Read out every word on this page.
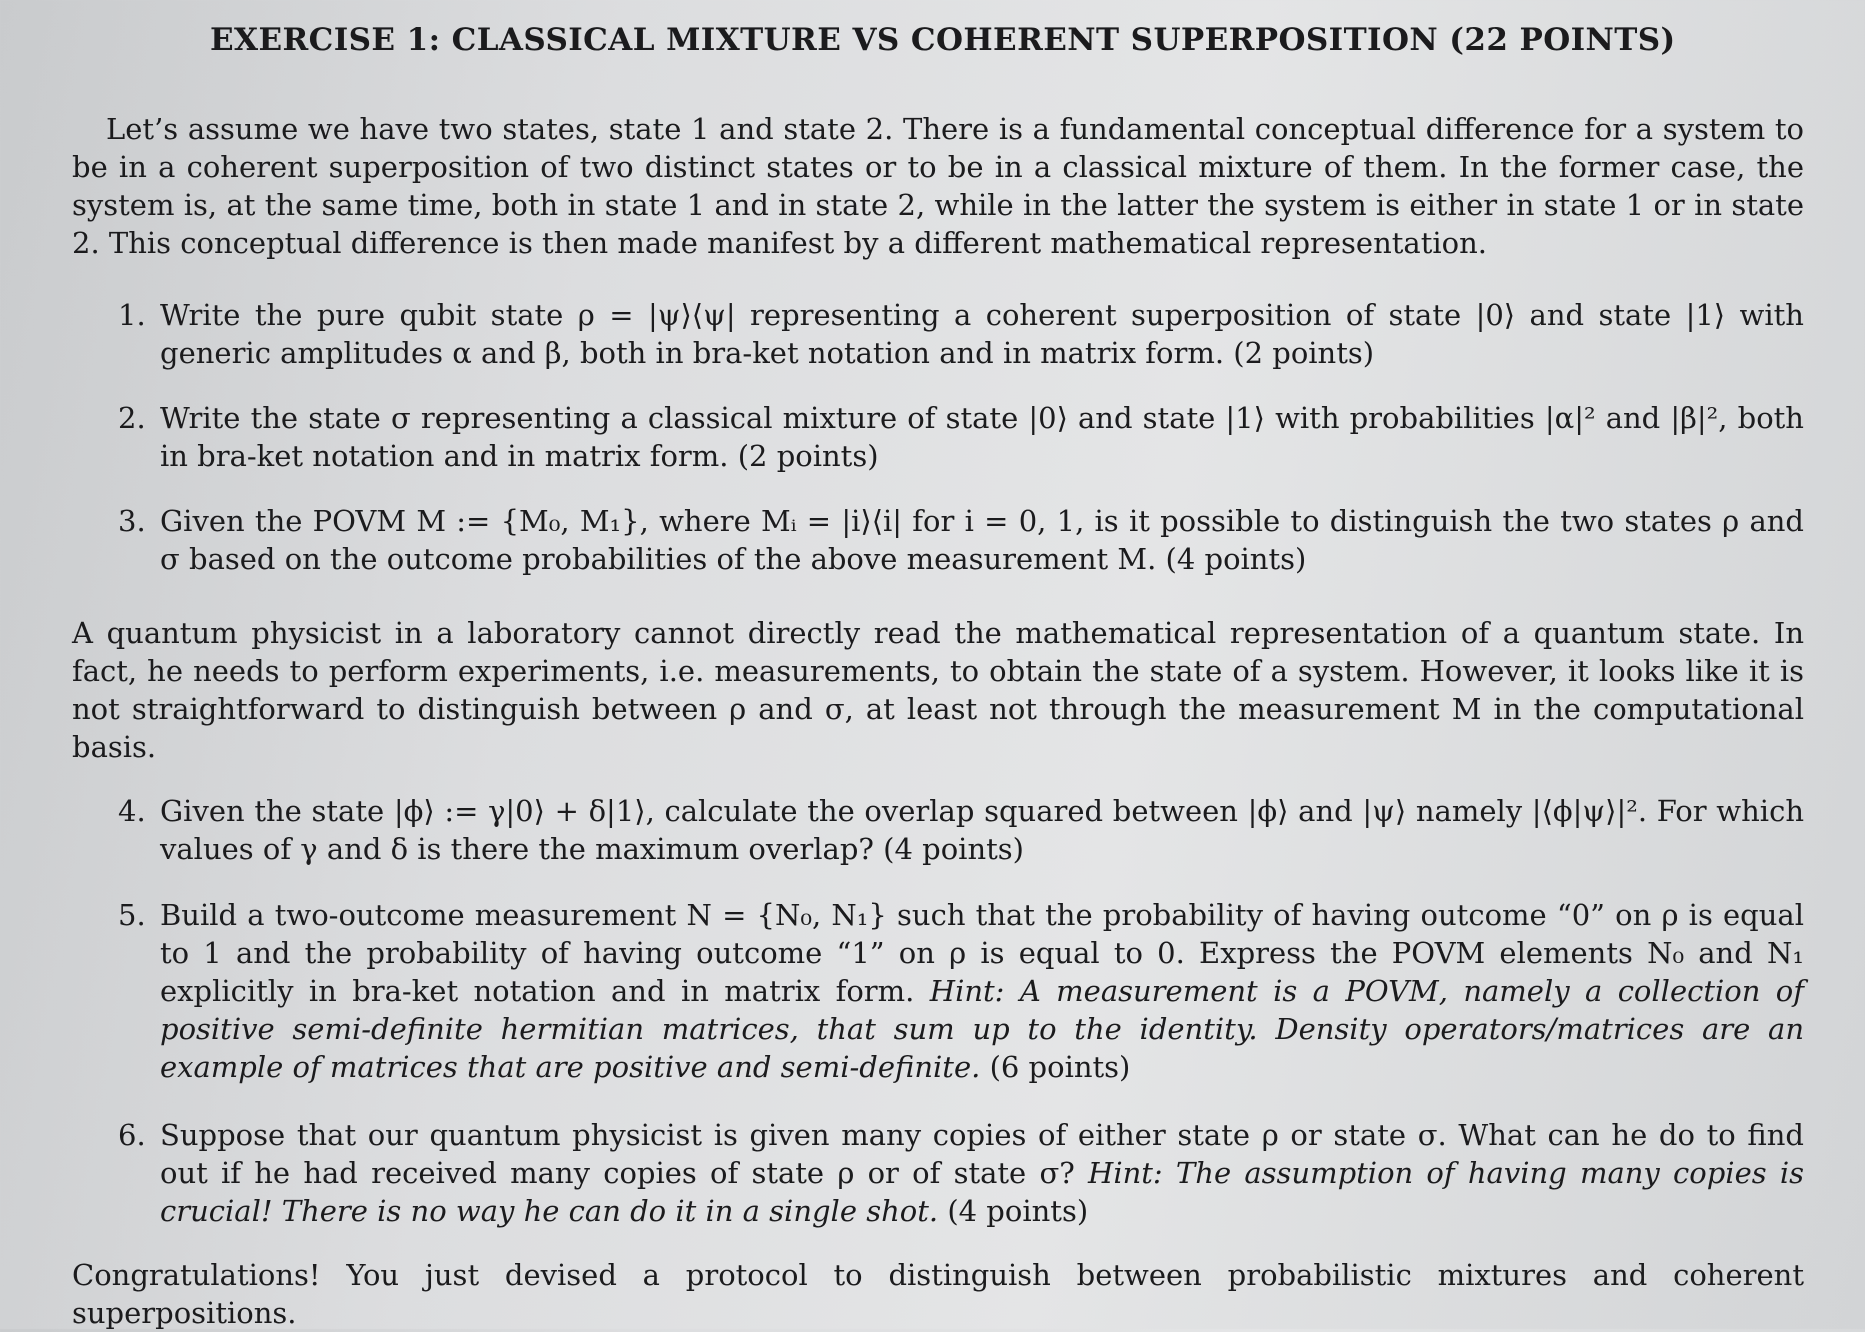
EXERCISE 1: CLASSICAL MIXTURE VS COHERENT SUPERPOSITION (22 POINTS)

Let’s assume we have two states, state 1 and state 2. There is a fundamental conceptual difference for a system to be in a coherent superposition of two distinct states or to be in a classical mixture of them. In the former case, the system is, at the same time, both in state 1 and in state 2, while in the latter the system is either in state 1 or in state 2. This conceptual difference is then made manifest by a different mathematical representation.

1. Write the pure qubit state ρ = |ψ⟩⟨ψ| representing a coherent superposition of state |0⟩ and state |1⟩ with generic amplitudes α and β, both in bra-ket notation and in matrix form. (2 points)
2. Write the state σ representing a classical mixture of state |0⟩ and state |1⟩ with probabilities |α|² and |β|², both in bra-ket notation and in matrix form. (2 points)
3. Given the POVM M := {M₀, M₁}, where Mᵢ = |i⟩⟨i| for i = 0, 1, is it possible to distinguish the two states ρ and σ based on the outcome probabilities of the above measurement M. (4 points)

A quantum physicist in a laboratory cannot directly read the mathematical representation of a quantum state. In fact, he needs to perform experiments, i.e. measurements, to obtain the state of a system. However, it looks like it is not straightforward to distinguish between ρ and σ, at least not through the measurement M in the computational basis.

4. Given the state |ϕ⟩ := γ|0⟩ + δ|1⟩, calculate the overlap squared between |ϕ⟩ and |ψ⟩ namely |⟨ϕ|ψ⟩|². For which values of γ and δ is there the maximum overlap? (4 points)
5. Build a two-outcome measurement N = {N₀, N₁} such that the probability of having outcome “0” on ρ is equal to 1 and the probability of having outcome “1” on ρ is equal to 0. Express the POVM elements N₀ and N₁ explicitly in bra-ket notation and in matrix form. Hint: A measurement is a POVM, namely a collection of positive semi-definite hermitian matrices, that sum up to the identity. Density operators/matrices are an example of matrices that are positive and semi-definite. (6 points)
6. Suppose that our quantum physicist is given many copies of either state ρ or state σ. What can he do to find out if he had received many copies of state ρ or of state σ? Hint: The assumption of having many copies is crucial! There is no way he can do it in a single shot. (4 points)

Congratulations! You just devised a protocol to distinguish between probabilistic mixtures and coherent superpositions.
